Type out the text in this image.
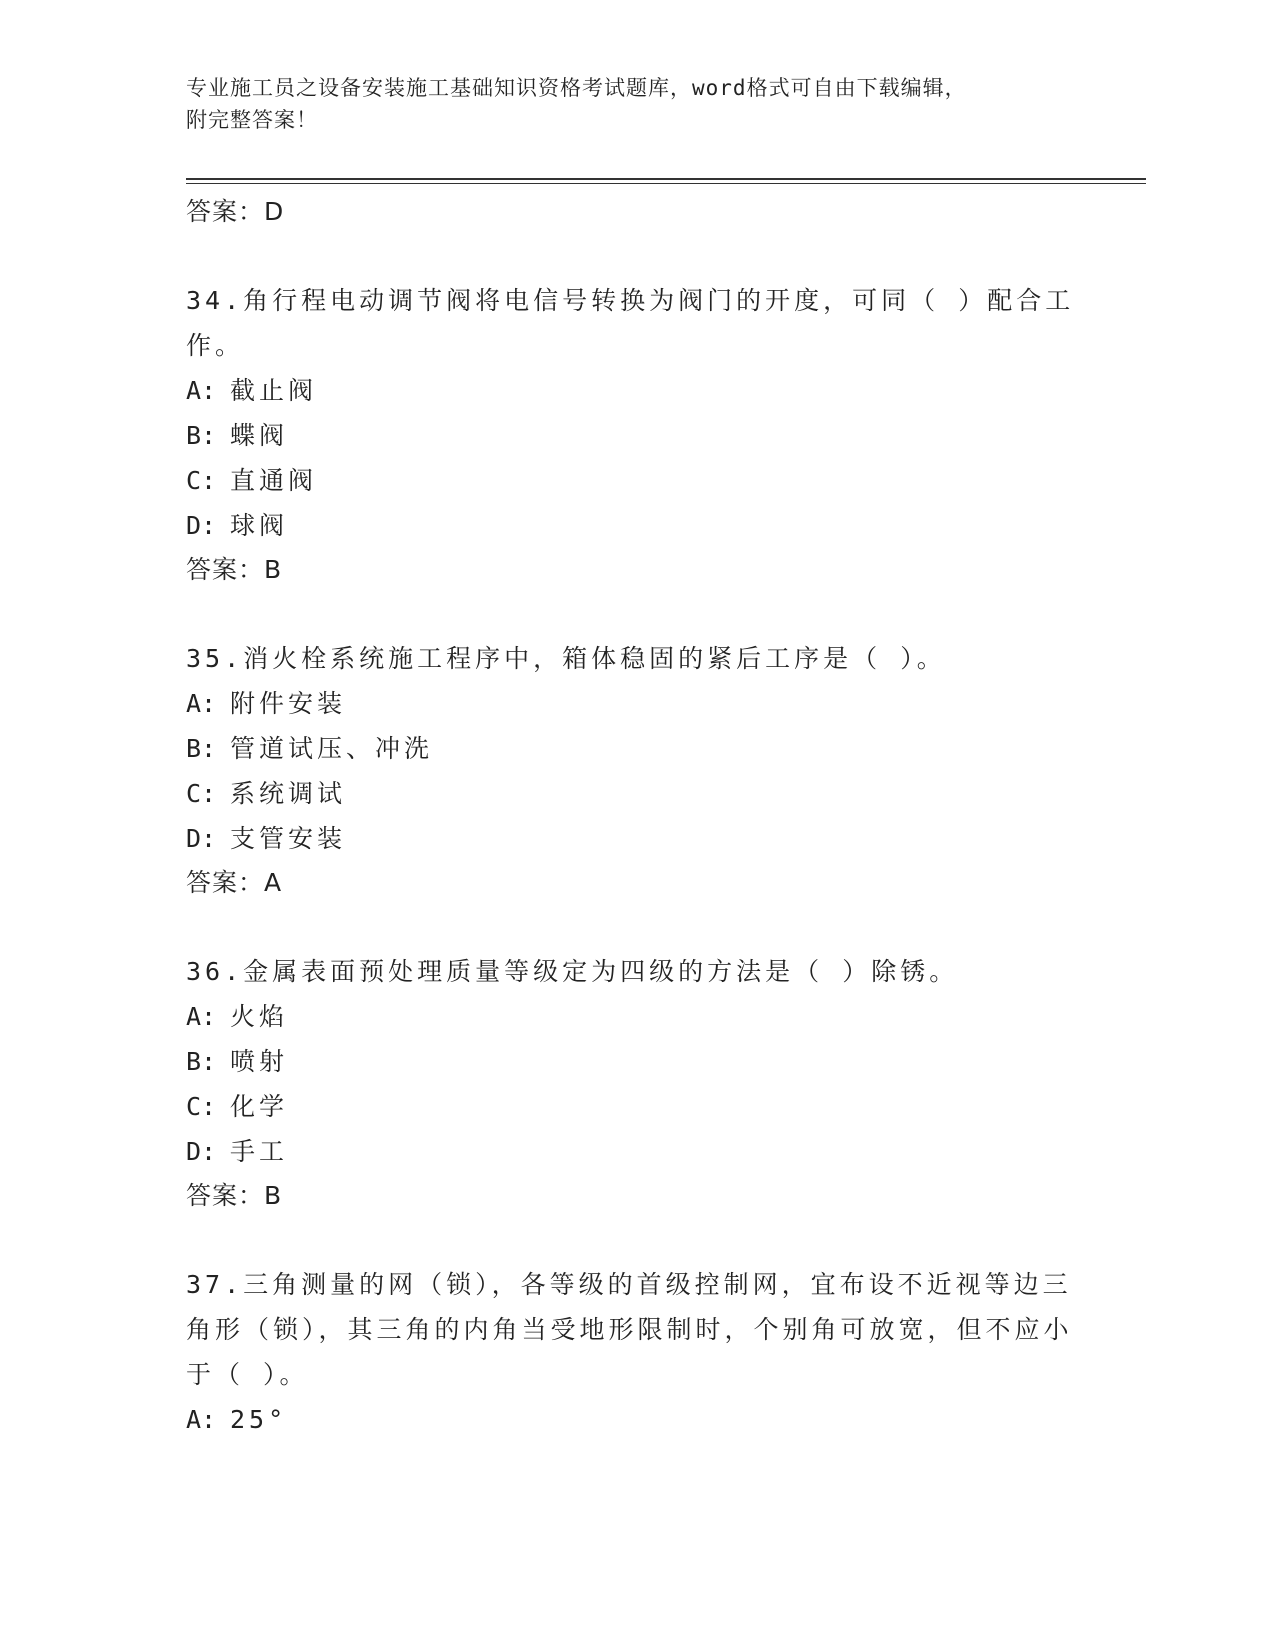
专业施工员之设备安装施工基础知识资格考试题库，word格式可自由下载编辑，
附完整答案！
答案：D
34.角行程电动调节阀将电信号转换为阀门的开度，可同（ ）配合工作。
A: 截止阀
B: 蝶阀
C: 直通阀
D: 球阀
答案：B
35.消火栓系统施工程序中，箱体稳固的紧后工序是（ ）。
A: 附件安装
B: 管道试压、冲洗
C: 系统调试
D: 支管安装
答案：A
36.金属表面预处理质量等级定为四级的方法是（ ）除锈。
A: 火焰
B: 喷射
C: 化学
D: 手工
答案：B
37.三角测量的网（锁），各等级的首级控制网，宜布设不近视等边三角形（锁），其三角的内角当受地形限制时，个别角可放宽，但不应小于（ ）。
A: 25°
